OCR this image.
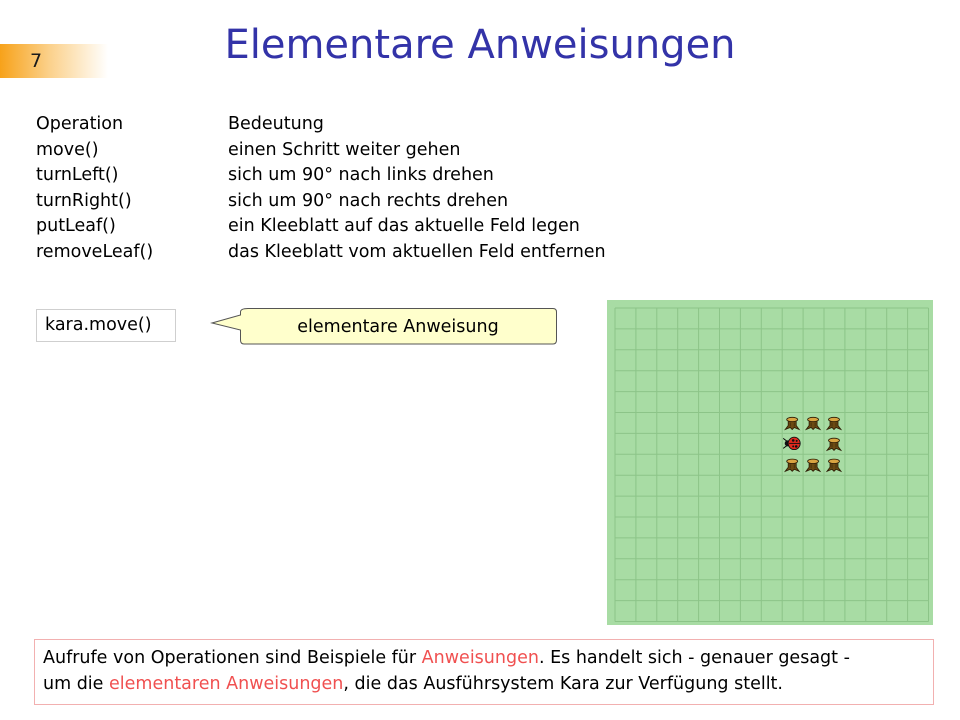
7	Elementare Anweisungen
Operation	Bedeutung
move()	einen Schritt weiter gehen
turnLeft()	sich um 90° nach links drehen
turnRight()	sich um 90° nach rechts drehen
putLeaf()	ein Kleeblatt auf das aktuelle Feld legen
removeLeaf()	das Kleeblatt vom aktuellen Feld entfernen
kara.move()	elementare Anweisung
Aufrufe von Operationen sind Beispiele für Anweisungen. Es handelt sich - genauer gesagt -
um die elementaren Anweisungen, die das Ausführsystem Kara zur Verfügung stellt.
